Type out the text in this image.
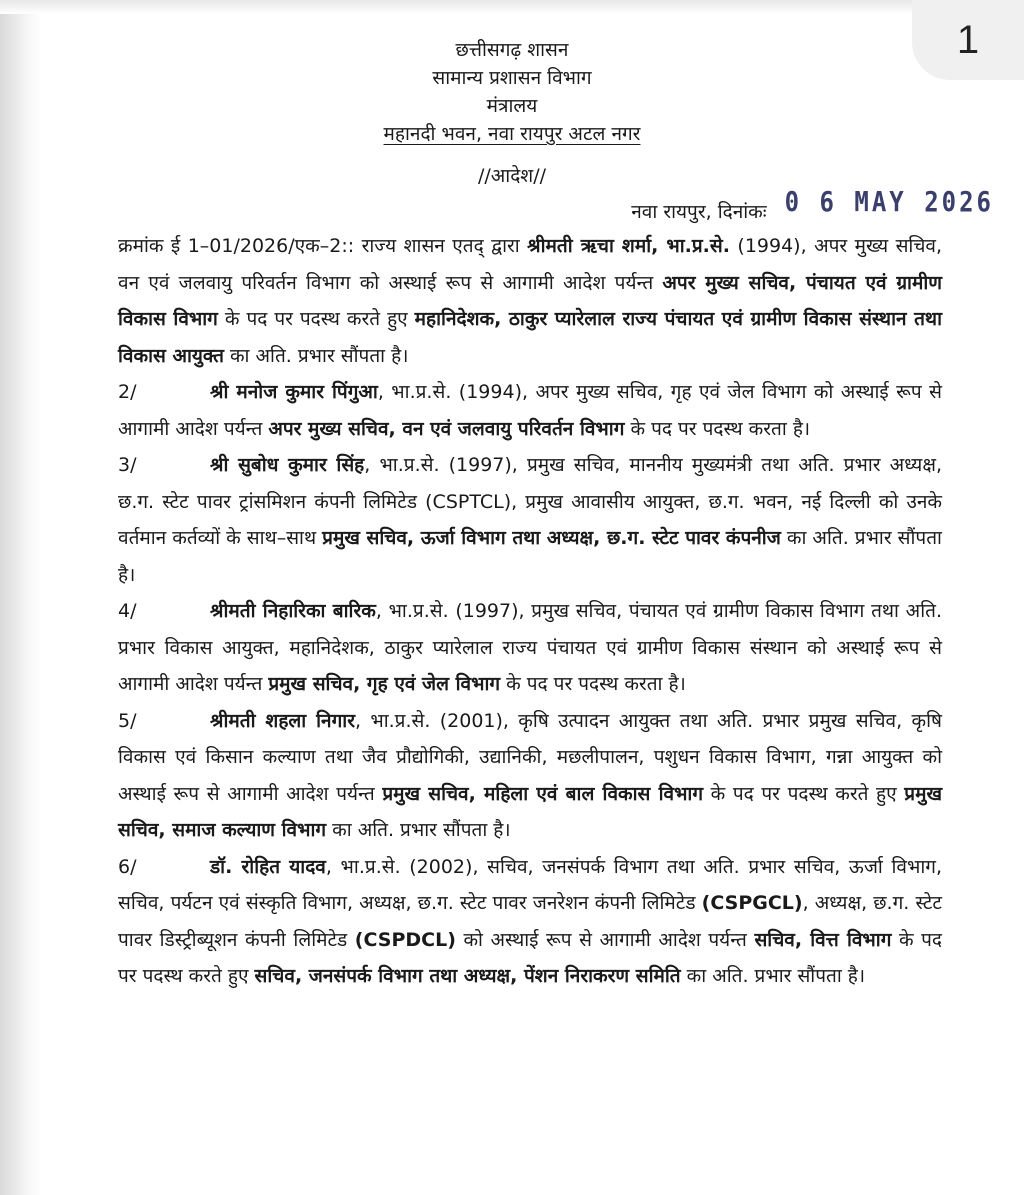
1
छत्तीसगढ़ शासन
सामान्य प्रशासन विभाग
मंत्रालय
महानदी भवन, नवा रायपुर अटल नगर
//आदेश//
नवा रायपुर, दिनांकः 0 6 MAY 2026

क्रमांक ई 1–01/2026/एक–2:: राज्य शासन एतद् द्वारा श्रीमती ऋचा शर्मा, भा.प्र.से. (1994), अपर मुख्य सचिव, वन एवं जलवायु परिवर्तन विभाग को अस्थाई रूप से आगामी आदेश पर्यन्त अपर मुख्य सचिव, पंचायत एवं ग्रामीण विकास विभाग के पद पर पदस्थ करते हुए महानिदेशक, ठाकुर प्यारेलाल राज्य पंचायत एवं ग्रामीण विकास संस्थान तथा विकास आयुक्त का अति. प्रभार सौंपता है।

2/	श्री मनोज कुमार पिंगुआ, भा.प्र.से. (1994), अपर मुख्य सचिव, गृह एवं जेल विभाग को अस्थाई रूप से आगामी आदेश पर्यन्त अपर मुख्य सचिव, वन एवं जलवायु परिवर्तन विभाग के पद पर पदस्थ करता है।

3/	श्री सुबोध कुमार सिंह, भा.प्र.से. (1997), प्रमुख सचिव, माननीय मुख्यमंत्री तथा अति. प्रभार अध्यक्ष, छ.ग. स्टेट पावर ट्रांसमिशन कंपनी लिमिटेड (CSPTCL), प्रमुख आवासीय आयुक्त, छ.ग. भवन, नई दिल्ली को उनके वर्तमान कर्तव्यों के साथ–साथ प्रमुख सचिव, ऊर्जा विभाग तथा अध्यक्ष, छ.ग. स्टेट पावर कंपनीज का अति. प्रभार सौंपता है।

4/	श्रीमती निहारिका बारिक, भा.प्र.से. (1997), प्रमुख सचिव, पंचायत एवं ग्रामीण विकास विभाग तथा अति. प्रभार विकास आयुक्त, महानिदेशक, ठाकुर प्यारेलाल राज्य पंचायत एवं ग्रामीण विकास संस्थान को अस्थाई रूप से आगामी आदेश पर्यन्त प्रमुख सचिव, गृह एवं जेल विभाग के पद पर पदस्थ करता है।

5/	श्रीमती शहला निगार, भा.प्र.से. (2001), कृषि उत्पादन आयुक्त तथा अति. प्रभार प्रमुख सचिव, कृषि विकास एवं किसान कल्याण तथा जैव प्रौद्योगिकी, उद्यानिकी, मछलीपालन, पशुधन विकास विभाग, गन्ना आयुक्त को अस्थाई रूप से आगामी आदेश पर्यन्त प्रमुख सचिव, महिला एवं बाल विकास विभाग के पद पर पदस्थ करते हुए प्रमुख सचिव, समाज कल्याण विभाग का अति. प्रभार सौंपता है।

6/	डॉ. रोहित यादव, भा.प्र.से. (2002), सचिव, जनसंपर्क विभाग तथा अति. प्रभार सचिव, ऊर्जा विभाग, सचिव, पर्यटन एवं संस्कृति विभाग, अध्यक्ष, छ.ग. स्टेट पावर जनरेशन कंपनी लिमिटेड (CSPGCL), अध्यक्ष, छ.ग. स्टेट पावर डिस्ट्रीब्यूशन कंपनी लिमिटेड (CSPDCL) को अस्थाई रूप से आगामी आदेश पर्यन्त सचिव, वित्त विभाग के पद पर पदस्थ करते हुए सचिव, जनसंपर्क विभाग तथा अध्यक्ष, पेंशन निराकरण समिति का अति. प्रभार सौंपता है।
